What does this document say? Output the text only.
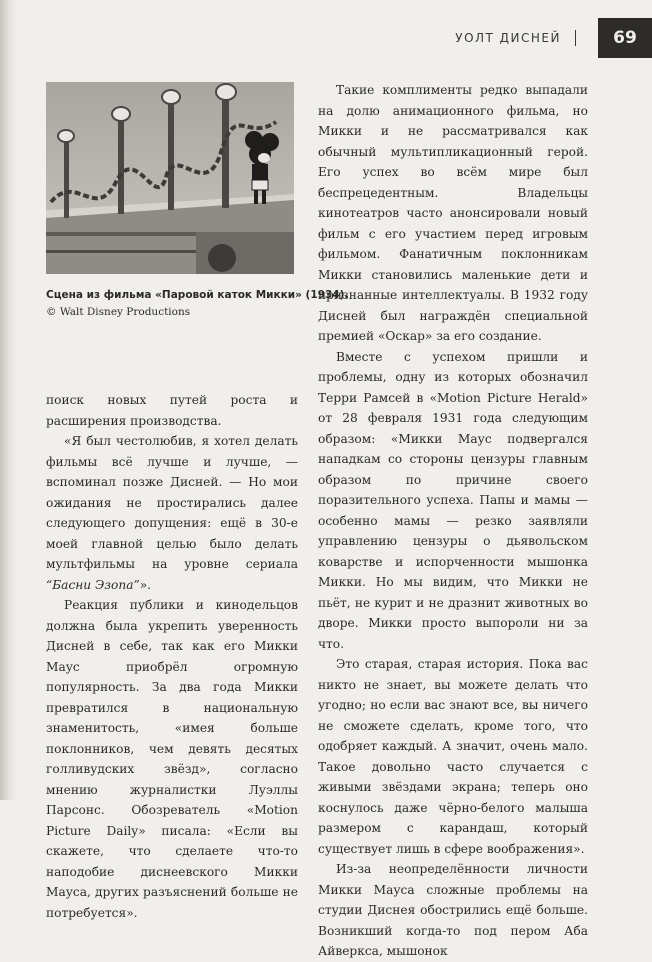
УОЛТ ДИСНЕЙ	69
Сцена из фильма «Паровой каток Микки» (1934).
© Walt Disney Productions

поиск новых путей роста и расширения производства.

«Я был честолюбив, я хотел делать фильмы всё лучше и лучше, — вспоминал позже Дисней. — Но мои ожидания не простирались далее следующего допущения: ещё в 30-е моей главной целью было делать мультфильмы на уровне сериала “Басни Эзопа”».

Реакция публики и кинодельцов должна была укрепить уверенность Дисней в себе, так как его Микки Маус приобрёл огромную популярность. За два года Микки превратился в национальную знаменитость, «имея больше поклонников, чем девять десятых голливудских звёзд», согласно мнению журналистки Луэллы Парсонс. Обозреватель «Motion Picture Daily» писала: «Если вы скажете, что сделаете что-то наподобие диснеевского Микки Мауса, других разъяснений больше не потребуется».

Такие комплименты редко выпадали на долю анимационного фильма, но Микки и не рассматривался как обычный мультипликационный герой. Его успех во всём мире был беспрецедентным. Владельцы кинотеатров часто анонсировали новый фильм с его участием перед игровым фильмом. Фанатичным поклонникам Микки становились маленькие дети и признанные интеллектуалы. В 1932 году Дисней был награждён специальной премией «Оскар» за его создание.

Вместе с успехом пришли и проблемы, одну из которых обозначил Терри Рамсей в «Motion Picture Herald» от 28 февраля 1931 года следующим образом: «Микки Маус подвергался нападкам со стороны цензуры главным образом по причине своего поразительного успеха. Папы и мамы — особенно мамы — резко заявляли управлению цензуры о дьявольском коварстве и испорченности мышонка Микки. Но мы видим, что Микки не пьёт, не курит и не дразнит животных во дворе. Микки просто выпороли ни за что.

Это старая, старая история. Пока вас никто не знает, вы можете делать что угодно; но если вас знают все, вы ничего не сможете сделать, кроме того, что одобряет каждый. А значит, очень мало. Такое довольно часто случается с живыми звёздами экрана; теперь оно коснулось даже чёрно-белого малыша размером с карандаш, который существует лишь в сфере воображения».

Из-за неопределённости личности Микки Мауса сложные проблемы на студии Диснея обострились ещё больше. Возникший когда-то под пером Аба Айверкса, мышонок
